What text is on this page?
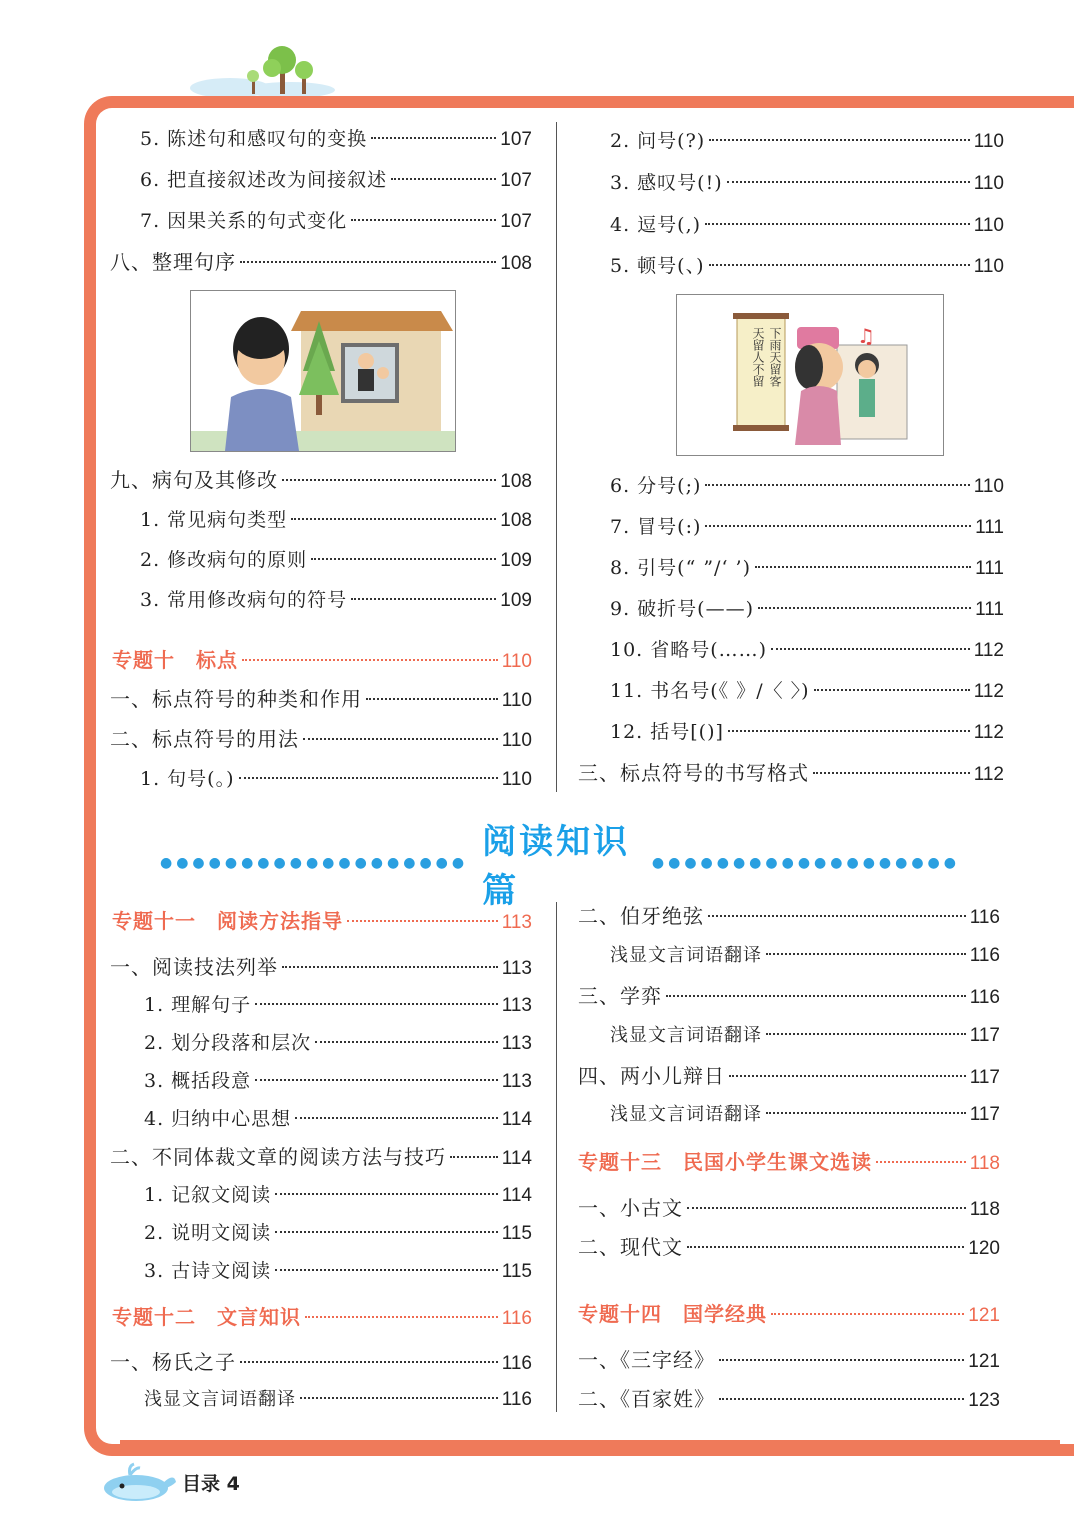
5. 陈述句和感叹句的变换	107
6. 把直接叙述改为间接叙述	107
7. 因果关系的句式变化	107
八、整理句序	108
九、病句及其修改	108
1. 常见病句类型	108
2. 修改病句的原则	109
3. 常用修改病句的符号	109
专题十　标点	110
一、标点符号的种类和作用	110
二、标点符号的用法	110
1. 句号(。)	110
2. 问号(?)	110
3. 感叹号(!)	110
4. 逗号(,)	110
5. 顿号(、)	110
♫
下雨天留客
天留人不留
6. 分号(;)	110
7. 冒号(:)	111
8. 引号(“ ”/‘ ’)	111
9. 破折号(——)	111
10. 省略号(……)	112
11. 书名号(《 》/〈 〉)	112
12. 括号[()]	112
三、标点符号的书写格式	112
●●●●●●●●●●●●●●●●●●●
阅读知识篇
●●●●●●●●●●●●●●●●●●●
专题十一　阅读方法指导	113
一、阅读技法列举	113
1. 理解句子	113
2. 划分段落和层次	113
3. 概括段意	113
4. 归纳中心思想	114
二、不同体裁文章的阅读方法与技巧	114
1. 记叙文阅读	114
2. 说明文阅读	115
3. 古诗文阅读	115
专题十二　文言知识	116
一、杨氏之子	116
浅显文言词语翻译	116
二、伯牙绝弦	116
浅显文言词语翻译	116
三、学弈	116
浅显文言词语翻译	117
四、两小儿辩日	117
浅显文言词语翻译	117
专题十三　民国小学生课文选读	118
一、小古文	118
二、现代文	120
专题十四　国学经典	121
一、《三字经》	121
二、《百家姓》	123
目录 4
